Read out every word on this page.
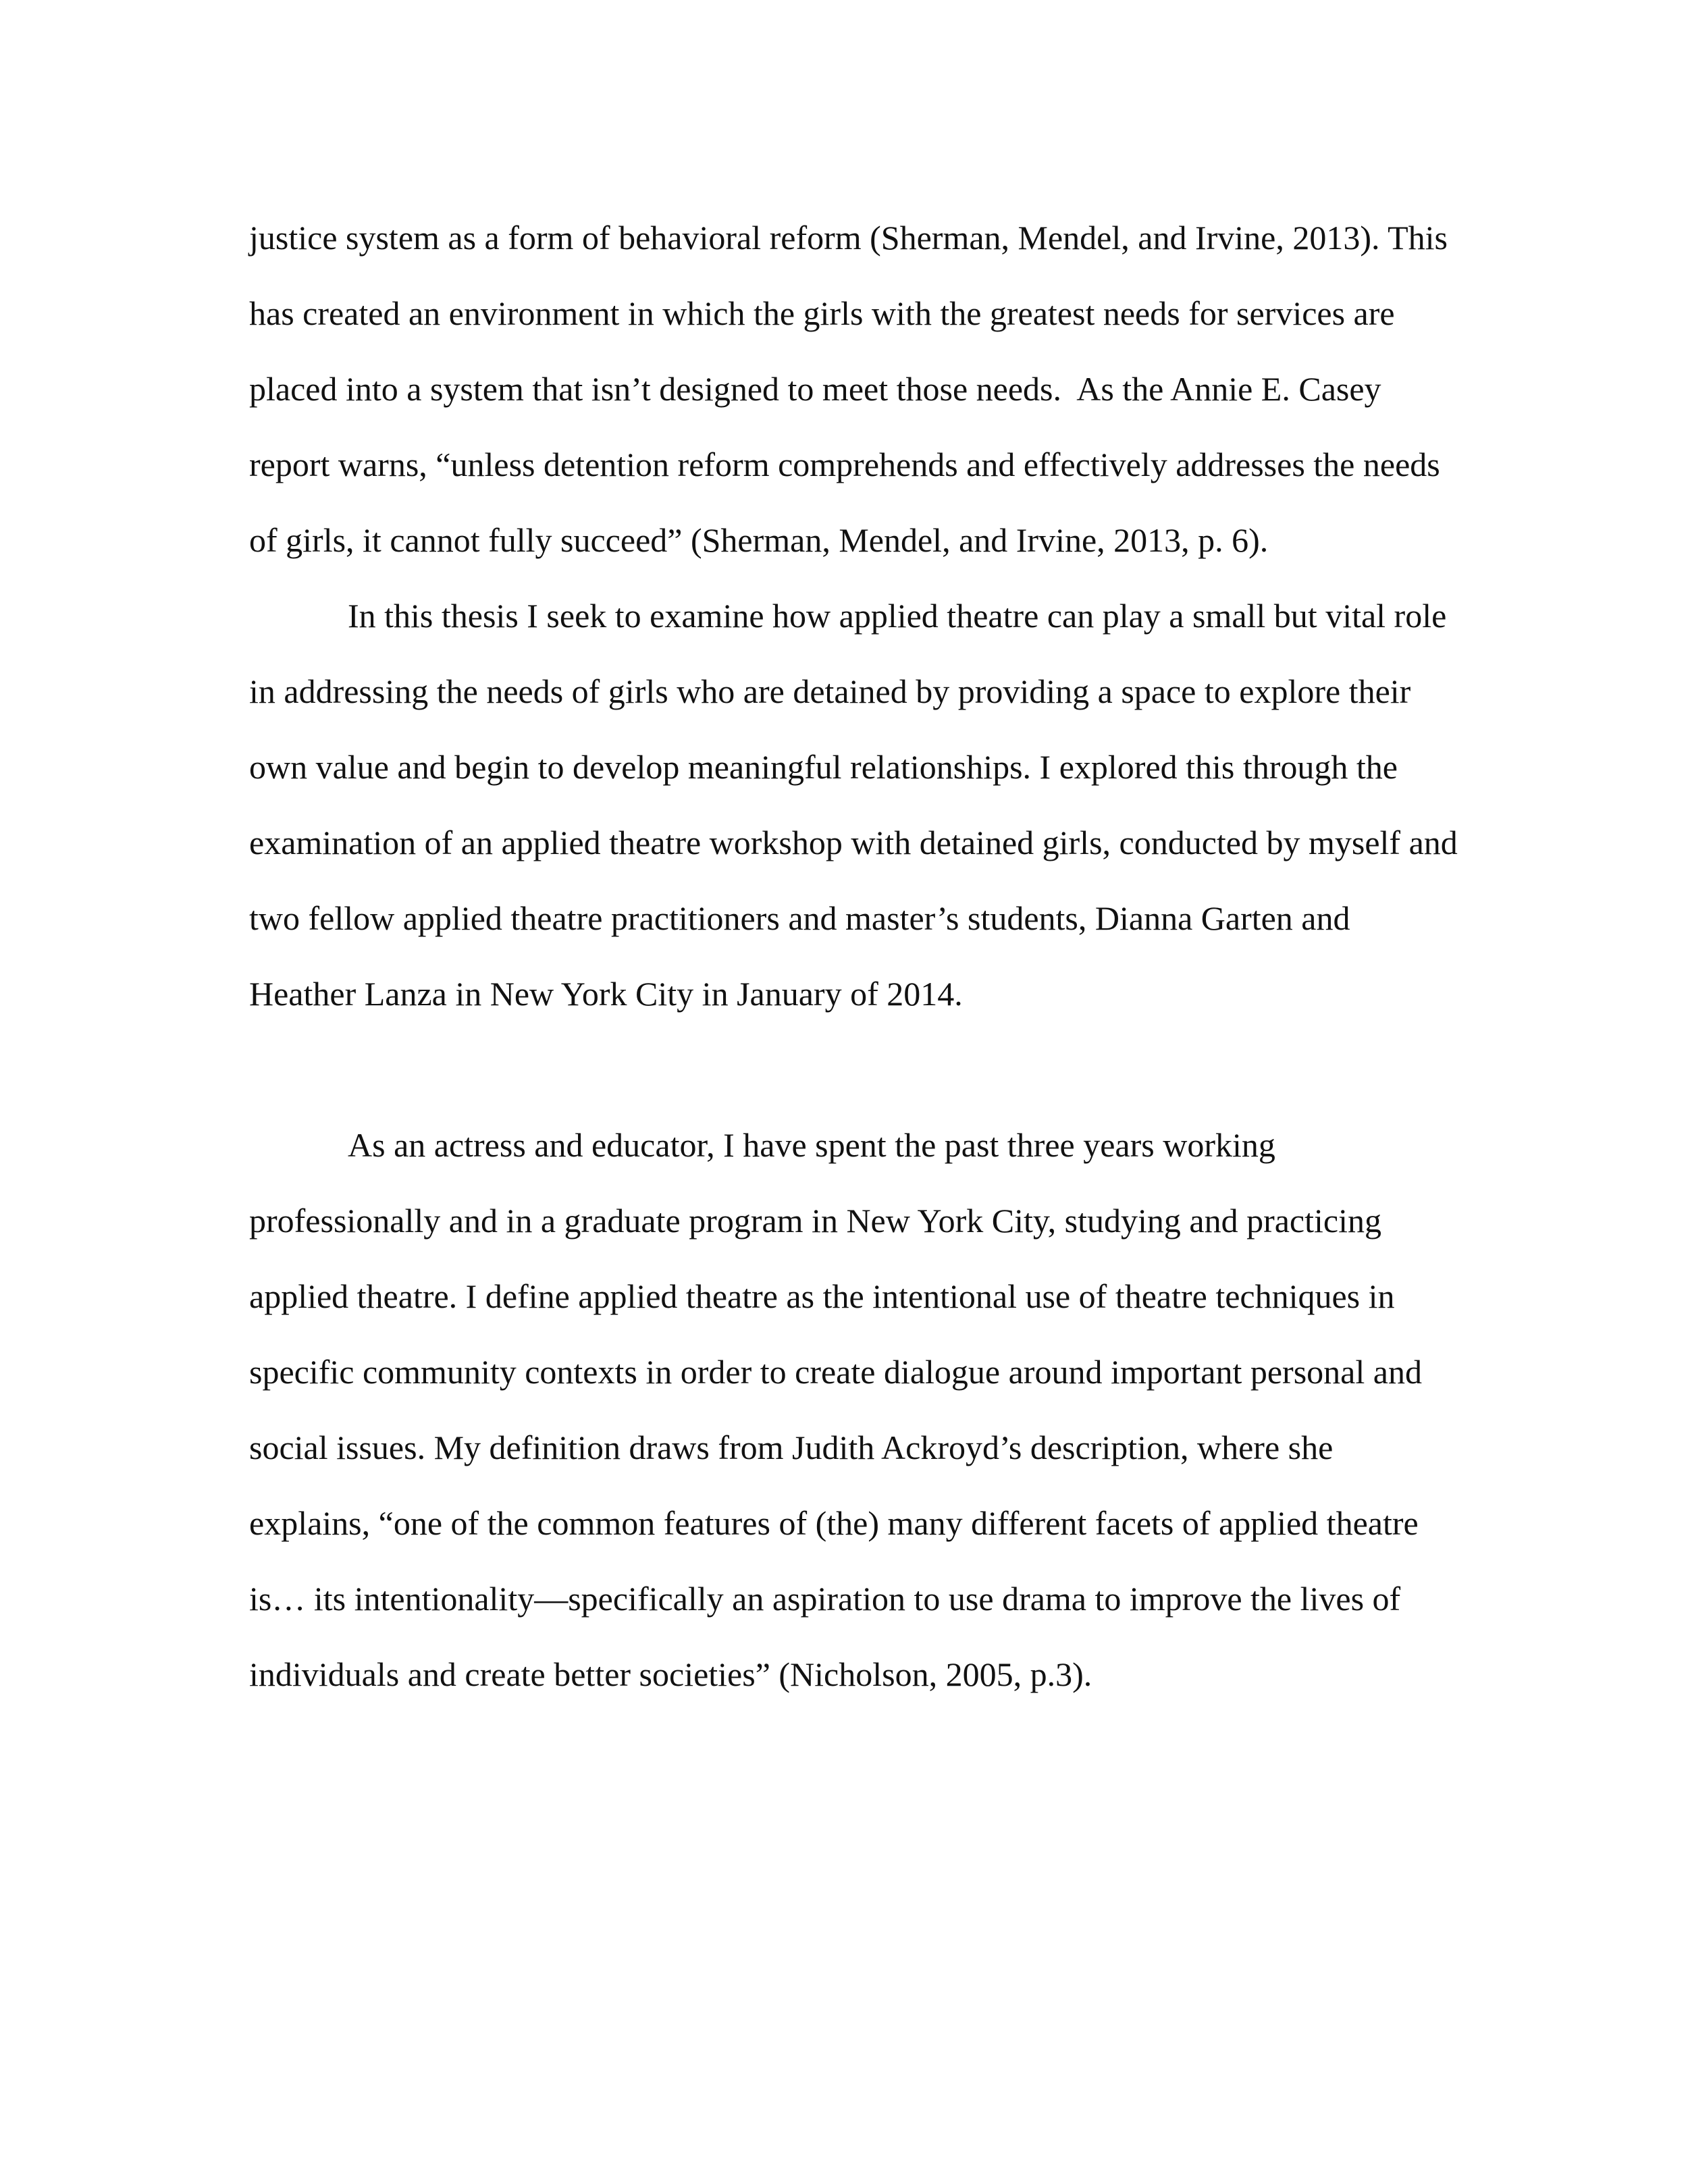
justice system as a form of behavioral reform (Sherman, Mendel, and Irvine, 2013). This
has created an environment in which the girls with the greatest needs for services are
placed into a system that isn’t designed to meet those needs.  As the Annie E. Casey
report warns, “unless detention reform comprehends and effectively addresses the needs
of girls, it cannot fully succeed” (Sherman, Mendel, and Irvine, 2013, p. 6).
In this thesis I seek to examine how applied theatre can play a small but vital role
in addressing the needs of girls who are detained by providing a space to explore their
own value and begin to develop meaningful relationships. I explored this through the
examination of an applied theatre workshop with detained girls, conducted by myself and
two fellow applied theatre practitioners and master’s students, Dianna Garten and
Heather Lanza in New York City in January of 2014.
As an actress and educator, I have spent the past three years working
professionally and in a graduate program in New York City, studying and practicing
applied theatre. I define applied theatre as the intentional use of theatre techniques in
specific community contexts in order to create dialogue around important personal and
social issues. My definition draws from Judith Ackroyd’s description, where she
explains, “one of the common features of (the) many different facets of applied theatre
is… its intentionality—specifically an aspiration to use drama to improve the lives of
individuals and create better societies” (Nicholson, 2005, p.3).
